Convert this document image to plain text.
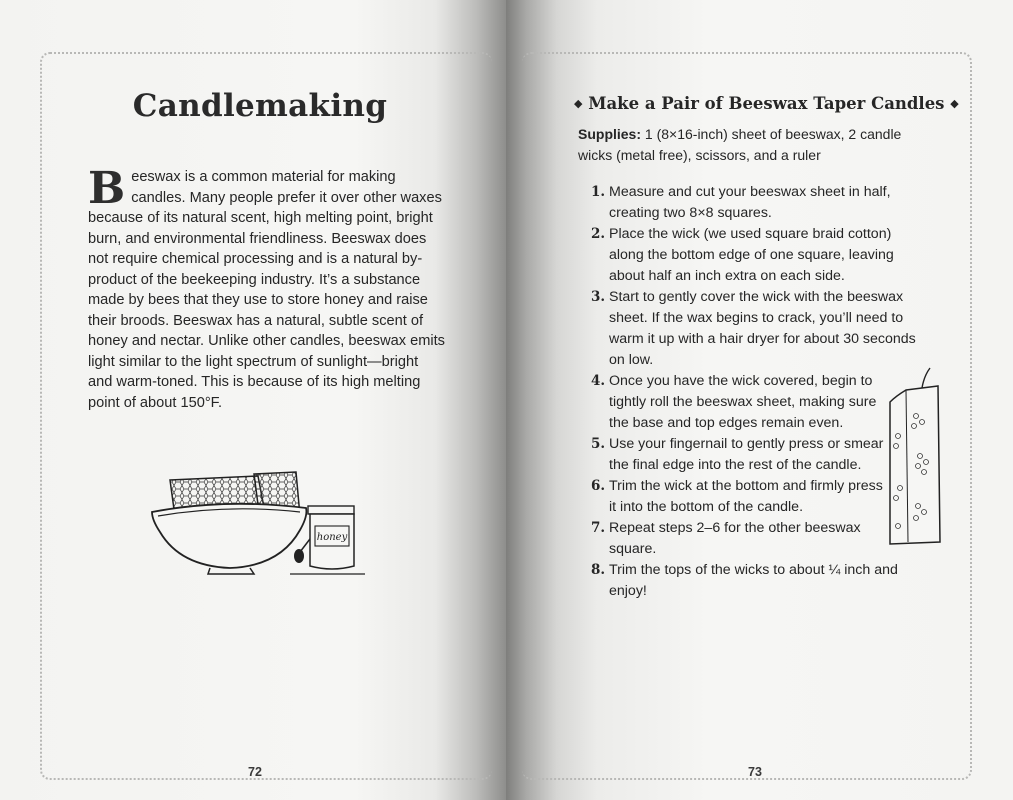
Candlemaking
Beeswax is a common material for making candles. Many people prefer it over other waxes because of its natural scent, high melting point, bright burn, and environmental friendliness. Beeswax does not require chemical processing and is a natural by-product of the beekeeping industry. It’s a substance made by bees that they use to store honey and raise their broods. Beeswax has a natural, subtle scent of honey and nectar. Unlike other candles, beeswax emits light similar to the light spectrum of sunlight—bright and warm-toned. This is because of its high melting point of about 150°F.
honey
72
◆ Make a Pair of Beeswax Taper Candles ◆
Supplies: 1 (8×16-inch) sheet of beeswax, 2 candle wicks (metal free), scissors, and a ruler
1. Measure and cut your beeswax sheet in half, creating two 8×8 squares.
2. Place the wick (we used square braid cotton) along the bottom edge of one square, leaving about half an inch extra on each side.
3. Start to gently cover the wick with the beeswax sheet. If the wax begins to crack, you’ll need to warm it up with a hair dryer for about 30 seconds on low.
4. Once you have the wick covered, begin to tightly roll the beeswax sheet, making sure the base and top edges remain even.
5. Use your fingernail to gently press or smear the final edge into the rest of the candle.
6. Trim the wick at the bottom and firmly press it into the bottom of the candle.
7. Repeat steps 2–6 for the other beeswax square.
8. Trim the tops of the wicks to about ¼ inch and enjoy!
73
